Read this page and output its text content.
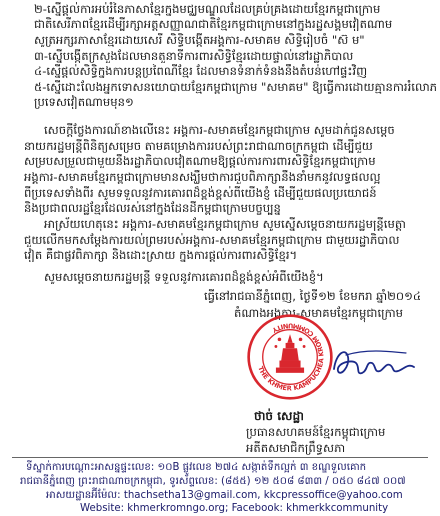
២-ស្នើផ្តល់ការអប់រំនៃភាសាខ្មែរក្នុងមជ្ឈមណ្ឌលដែលគ្រប់គ្រងដោយខ្មែរកម្ពុជាក្រោម
ជាតិសេរីភាពខ្មែរដើម្បីរក្សាអត្តសញ្ញាណជាតិខ្មែរកម្ពុជាក្រោមនៅក្នុងរដ្ឋសង្គមវៀតណាម
សូត្រអក្សរភាសាខ្មែរដោយសេរី សិទ្ធិបង្កើតអង្គការ-សមាគម សិទ្ធិរៀបចំ "ស៊ ម"
៣-ស្នើបង្កើតក្រសួងដែលមានតួនាទីការពារសិទ្ធិខ្មែរដោយផ្ទាល់នៅរដ្ឋាភិបាល
៤-ស្នើផ្តល់សិទ្ធិក្នុងការបន្តប្រពៃណីខ្មែរ ដែលមានទំនាក់ទំនងនឹងតំបន់ហៅផ្ទះវិញ
៥-ស្នើដោះលែងអ្នកទោសនយោបាយខ្មែរកម្ពុជាក្រោម "សមាគម" ឱ្យធ្វើការដោយគ្មានការរំលោភ
ប្រទេសវៀតណាមមុន១
សេចក្តីថ្លែងការណ៍ខាងលើនេះ អង្គការ-សមាគមខ្មែរកម្ពុជាក្រោម សូមដាក់ជូនសម្តេច
នាយករដ្ឋមន្ត្រីពិនិត្យសម្រេច តាមគម្រោងការរបស់ព្រះរាជាណាចក្រកម្ពុជា ដើម្បីជួយ
សម្របសម្រួលជាមួយនឹងរដ្ឋាភិបាលវៀតណាមឱ្យផ្តល់ការការពារសិទ្ធិខ្មែរកម្ពុជាក្រោម
អង្គការ-សមាគមខ្មែរកម្ពុជាក្រោមមានសង្ឃឹមថាការជួបពិភាក្សានឹងនាំមកនូវលទ្ធផលល្អ
ពីប្រទេសទាំងពីរ សូមទទួលនូវការគោរពដ៏ខ្ពង់ខ្ពស់ពីយើងខ្ញុំ ដើម្បីជួយផលប្រយោជន៍
និងប្រជាពលរដ្ឋខ្មែរដែលរស់នៅក្នុងដែនដីកម្ពុជាក្រោមបច្ចុប្បន្ន
អាស្រ័យហេតុនេះ អង្គការ-សមាគមខ្មែរកម្ពុជាក្រោម សូមស្នើសម្តេចនាយករដ្ឋមន្ត្រីមេត្តា
ជួយលើកមកសម្តែងការយល់ព្រមរបស់អង្គការ-សមាគមខ្មែរកម្ពុជាក្រោម ជាមួយរដ្ឋាភិបាល
វៀត គឺជាផ្លូវពិភាក្សា និងដោះស្រាយ ក្នុងការផ្តល់ការពារសិទ្ធិខ្មែរ។
សូមសម្តេចនាយករដ្ឋមន្ត្រី ទទួលនូវការគោរពដ៏ខ្ពង់ខ្ពស់អំពីយើងខ្ញុំ។
ធ្វើនៅរាជធានីភ្នំពេញ, ថ្ងៃទី១២ ខែមករា ឆ្នាំ២០១៤
តំណាងអង្គការ-សមាគមខ្មែរកម្ពុជាក្រោម
THE KHMER KAMPUCHEA KROM COMMUNITY
ថាច់ សេដ្ឋា
ប្រធានសហគមន៍ខ្មែរកម្ពុជាក្រោម
អតីតសមាជិកព្រឹទ្ធសភា
ទីស្នាក់ការបណ្តោះអាសន្នផ្ទះលេខ: ១០B ផ្លូវលេខ ២៧៤ សង្កាត់ទឹកល្អក់ ៣ ខណ្ឌទួលគោក
រាជធានីភ្នំពេញ ព្រះរាជាណាចក្រកម្ពុជា, ទូរស័ព្ទលេខ: (៨៥៥) ១២ ៥០៨ ៨៣៣ / ០៥០ ៨៤៧ ០០៧
អាសយដ្ឋានអ៊ីម៉ែល: thachsetha13@gmail.com, kkcpressoffice@yahoo.com
Website: khmerkromngo.org; Facebook: khmerkkcommunity
